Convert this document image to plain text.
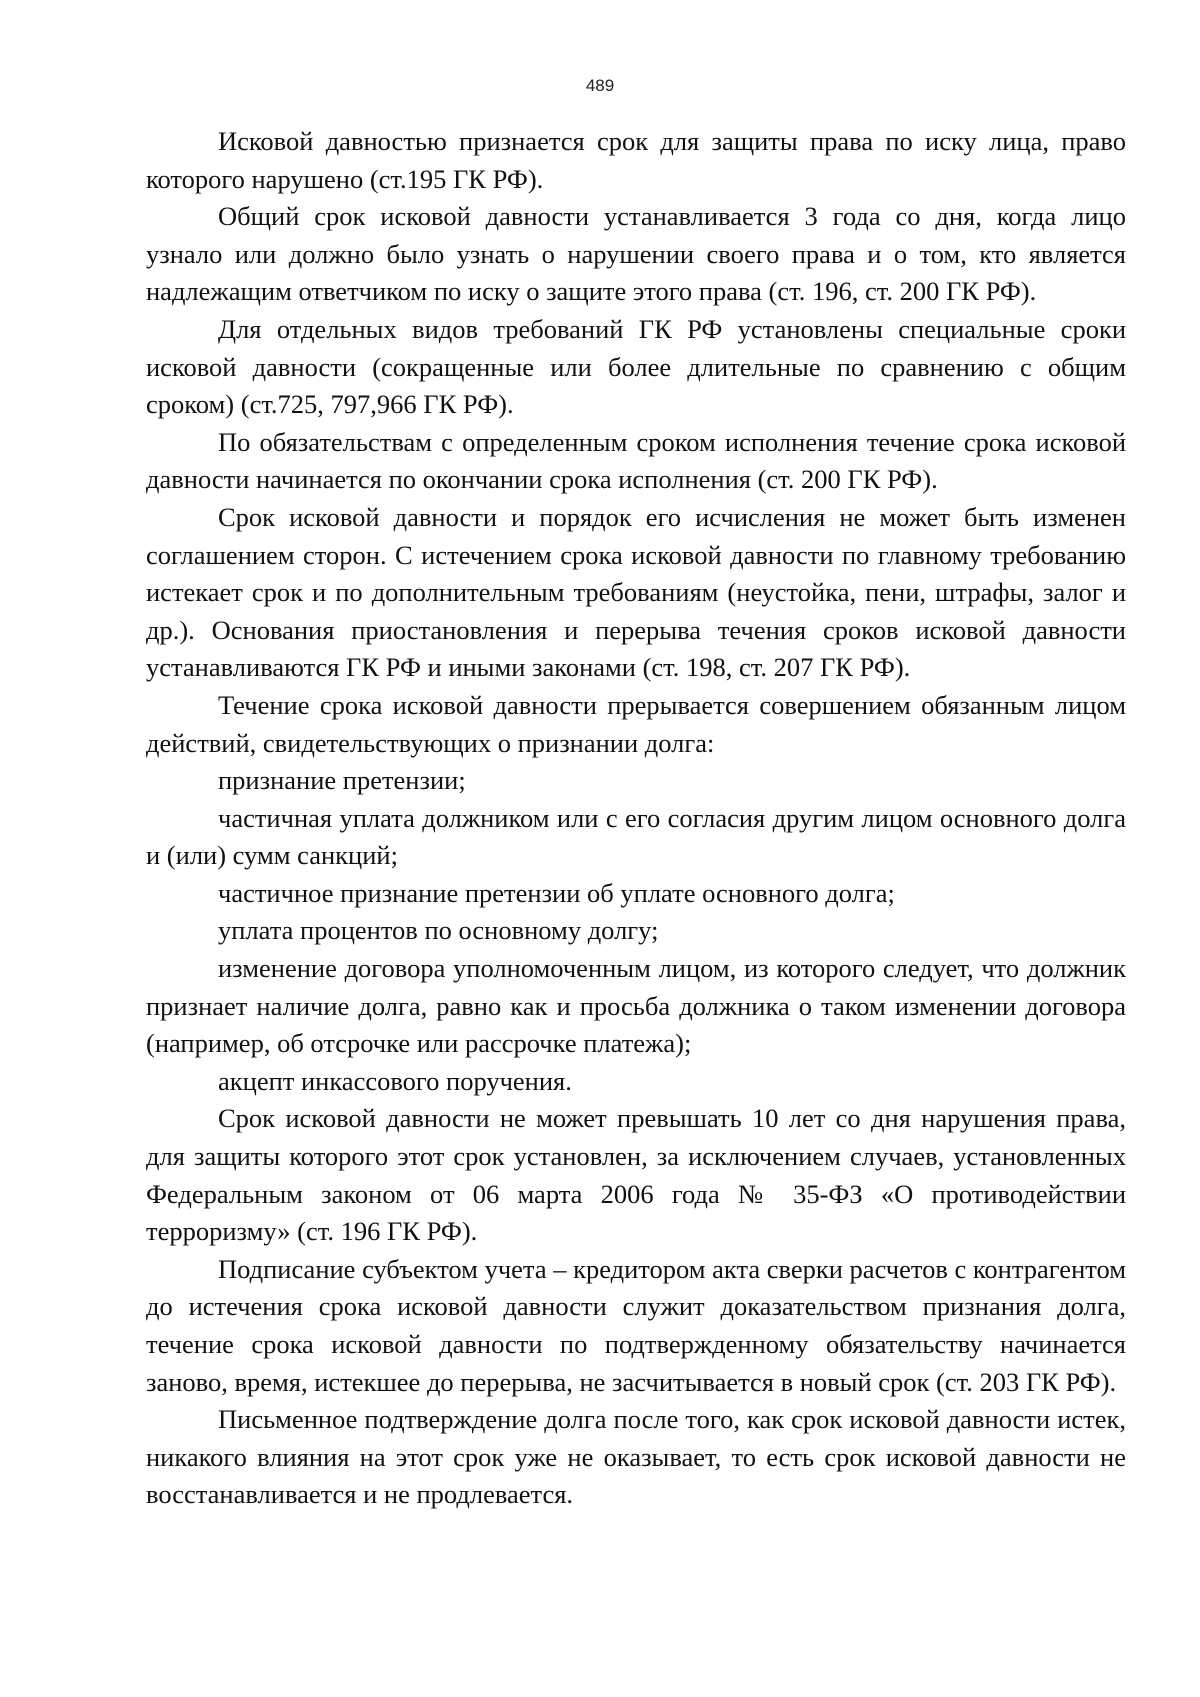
489

Исковой давностью признается срок для защиты права по иску лица, право которого нарушено (ст.195 ГК РФ).

Общий срок исковой давности устанавливается 3 года со дня, когда лицо узнало или должно было узнать о нарушении своего права и о том, кто является надлежащим ответчиком по иску о защите этого права (ст. 196, ст. 200 ГК РФ).

Для отдельных видов требований ГК РФ установлены специальные сроки исковой давности (сокращенные или более длительные по сравнению с общим сроком) (ст.725, 797,966 ГК РФ).

По обязательствам с определенным сроком исполнения течение срока исковой давности начинается по окончании срока исполнения (ст. 200 ГК РФ).

Срок исковой давности и порядок его исчисления не может быть изменен соглашением сторон. С истечением срока исковой давности по главному требованию истекает срок и по дополнительным требованиям (неустойка, пени, штрафы, залог и др.). Основания приостановления и перерыва течения сроков исковой давности устанавливаются ГК РФ и иными законами (ст. 198, ст. 207 ГК РФ).

Течение срока исковой давности прерывается совершением обязанным лицом действий, свидетельствующих о признании долга:

признание претензии;

частичная уплата должником или с его согласия другим лицом основного долга и (или) сумм санкций;

частичное признание претензии об уплате основного долга;

уплата процентов по основному долгу;

изменение договора уполномоченным лицом, из которого следует, что должник признает наличие долга, равно как и просьба должника о таком изменении договора (например, об отсрочке или рассрочке платежа);

акцепт инкассового поручения.

Срок исковой давности не может превышать 10 лет со дня нарушения права, для защиты которого этот срок установлен, за исключением случаев, установленных Федеральным законом от 06 марта 2006 года № 35-ФЗ «О противодействии терроризму» (ст. 196 ГК РФ).

Подписание субъектом учета – кредитором акта сверки расчетов с контрагентом до истечения срока исковой давности служит доказательством признания долга, течение срока исковой давности по подтвержденному обязательству начинается заново, время, истекшее до перерыва, не засчитывается в новый срок (ст. 203 ГК РФ).

Письменное подтверждение долга после того, как срок исковой давности истек, никакого влияния на этот срок уже не оказывает, то есть срок исковой давности не восстанавливается и не продлевается.
